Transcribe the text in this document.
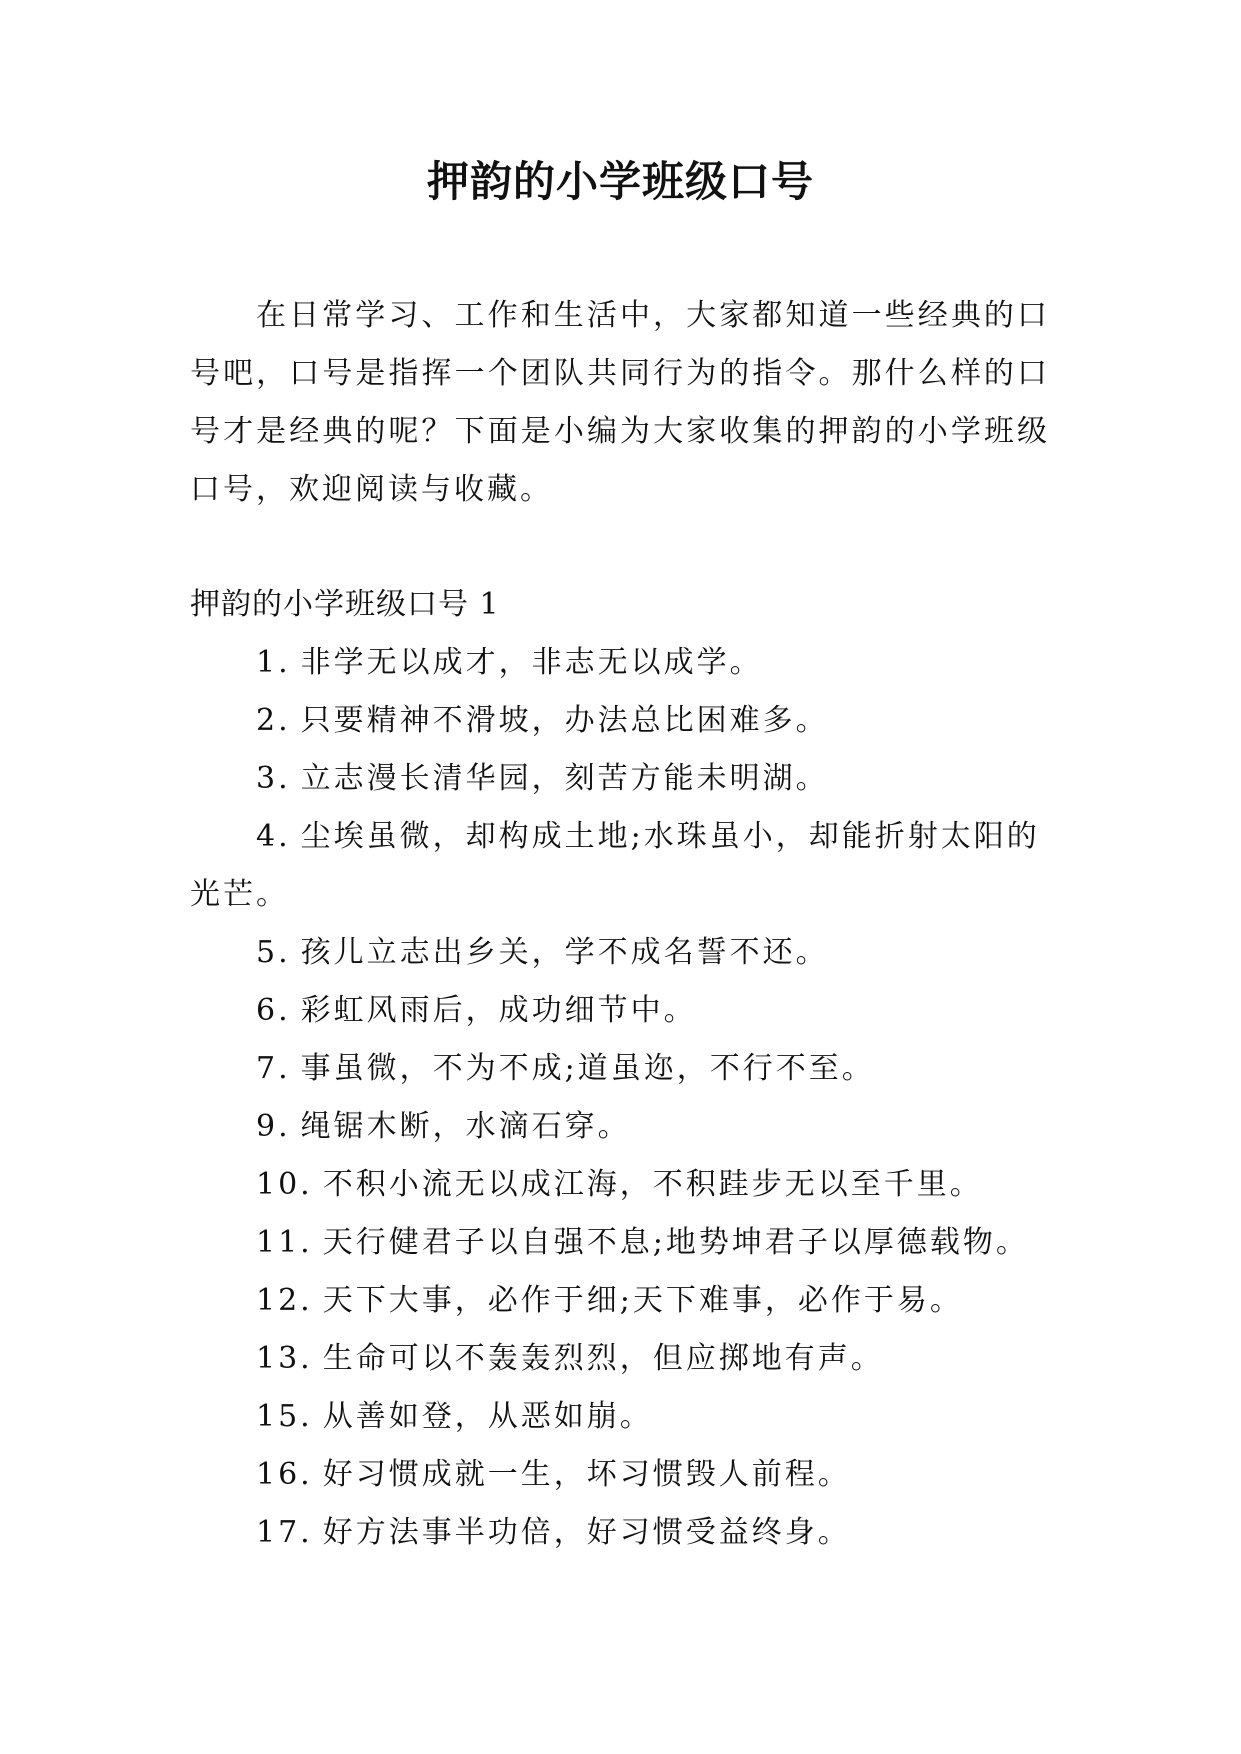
押韵的小学班级口号

在日常学习、工作和生活中，大家都知道一些经典的口号吧，口号是指挥一个团队共同行为的指令。那什么样的口号才是经典的呢？下面是小编为大家收集的押韵的小学班级口号，欢迎阅读与收藏。

押韵的小学班级口号 1

1. 非学无以成才，非志无以成学。
2. 只要精神不滑坡，办法总比困难多。
3. 立志漫长清华园，刻苦方能未明湖。
4. 尘埃虽微，却构成土地;水珠虽小，却能折射太阳的光芒。
5. 孩儿立志出乡关，学不成名誓不还。
6. 彩虹风雨后，成功细节中。
7. 事虽微，不为不成;道虽迩，不行不至。
9. 绳锯木断，水滴石穿。
10. 不积小流无以成江海，不积跬步无以至千里。
11. 天行健君子以自强不息;地势坤君子以厚德载物。
12. 天下大事，必作于细;天下难事，必作于易。
13. 生命可以不轰轰烈烈，但应掷地有声。
15. 从善如登，从恶如崩。
16. 好习惯成就一生，坏习惯毁人前程。
17. 好方法事半功倍，好习惯受益终身。
